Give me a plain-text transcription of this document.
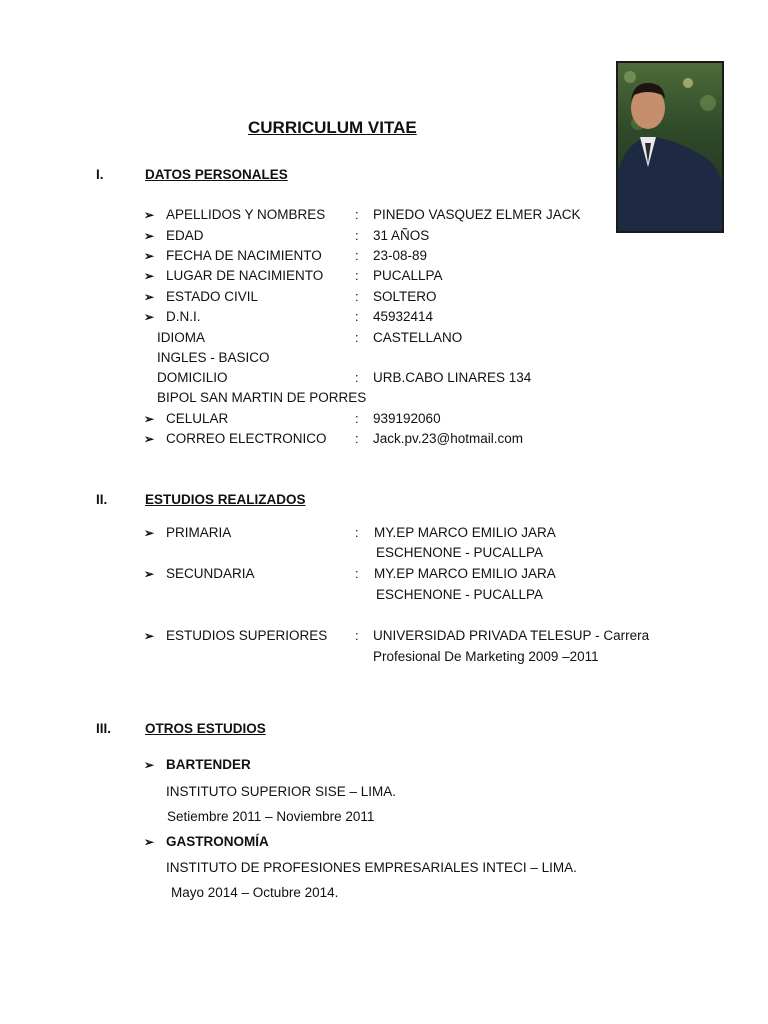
CURRICULUM VITAE
I.	DATOS PERSONALES
➢ APELLIDOS Y NOMBRES : PINEDO VASQUEZ ELMER JACK
➢ EDAD	: 31 AÑOS
➢ FECHA DE NACIMIENTO	: 23-08-89
➢ LUGAR DE NACIMIENTO : PUCALLPA
➢ ESTADO CIVIL	: SOLTERO
➢ D.N.I.	: 45932414
IDIOMA	: CASTELLANO
INGLES - BASICO
DOMICILIO	: URB.CABO LINARES 134
BIPOL SAN MARTIN DE PORRES
➢ CELULAR	: 939192060
➢ CORREO ELECTRONICO : Jack.pv.23@hotmail.com
II.	ESTUDIOS REALIZADOS
➢ PRIMARIA	: MY.EP MARCO EMILIO JARA
ESCHENONE - PUCALLPA
➢ SECUNDARIA	: MY.EP MARCO EMILIO JARA
ESCHENONE - PUCALLPA
➢ ESTUDIOS SUPERIORES : UNIVERSIDAD PRIVADA TELESUP - Carrera
Profesional De Marketing 2009 –2011
III.	OTROS ESTUDIOS
➢ BARTENDER
INSTITUTO SUPERIOR SISE – LIMA.
Setiembre 2011 – Noviembre 2011
➢ GASTRONOMÍA
INSTITUTO DE PROFESIONES EMPRESARIALES INTECI – LIMA.
Mayo 2014 – Octubre 2014.
